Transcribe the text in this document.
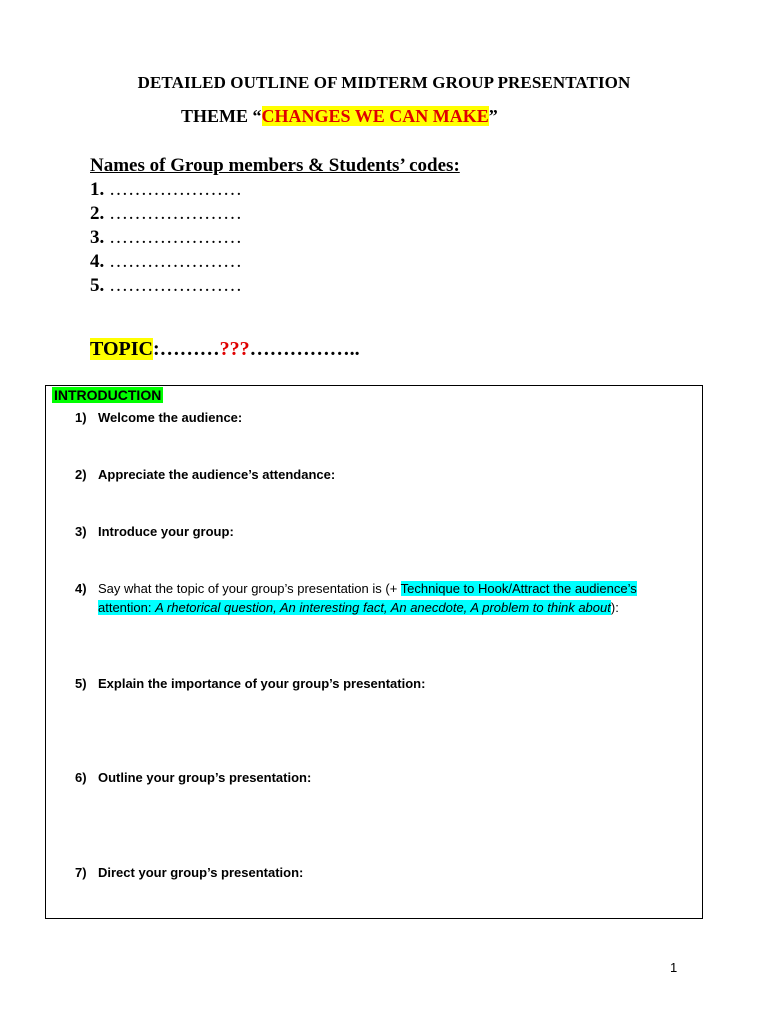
DETAILED OUTLINE OF MIDTERM GROUP PRESENTATION
THEME “CHANGES WE CAN MAKE”
Names of Group members & Students’ codes:
1. …………………
2. …………………
3. …………………
4. …………………
5. …………………
TOPIC:………???……………..
INTRODUCTION
1) Welcome the audience:
2) Appreciate the audience’s attendance:
3) Introduce your group:
4) Say what the topic of your group’s presentation is (+ Technique to Hook/Attract the audience’s attention: A rhetorical question, An interesting fact, An anecdote, A problem to think about):
5) Explain the importance of your group’s presentation:
6) Outline your group’s presentation:
7) Direct your group’s presentation:
1
